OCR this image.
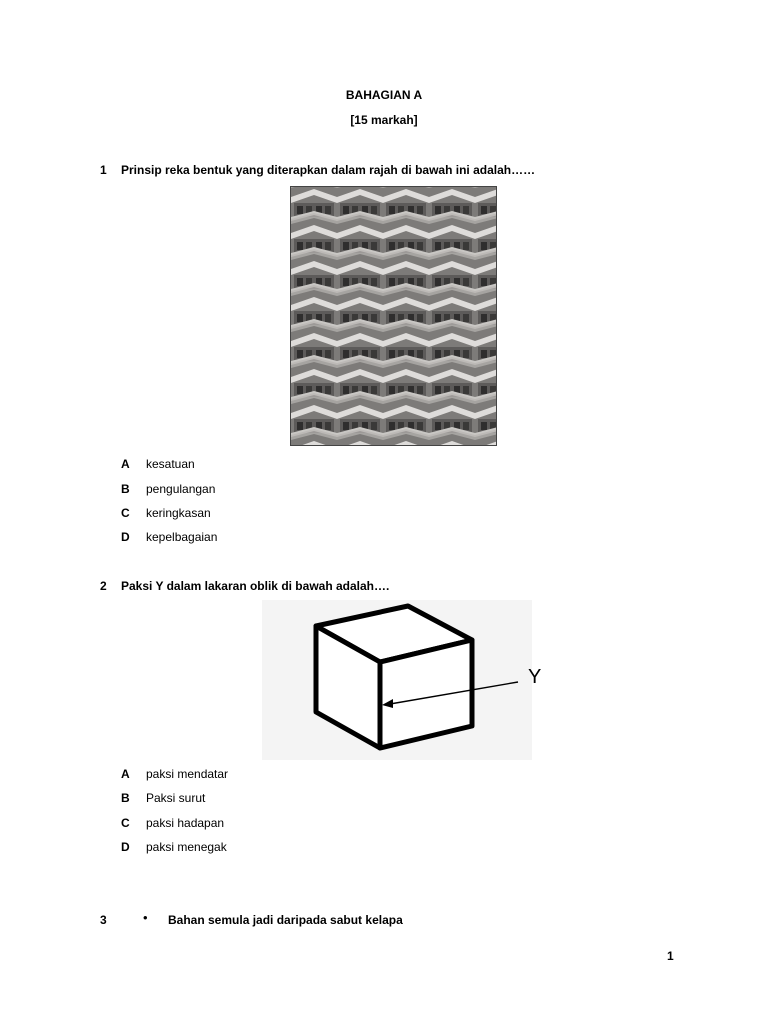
BAHAGIAN A
[15 markah]
1 Prinsip reka bentuk yang diterapkan dalam rajah di bawah ini adalah……
A kesatuan
B pengulangan
C keringkasan
D kepelbagaian
2 Paksi Y dalam lakaran oblik di bawah adalah….
Y
A paksi mendatar
B Paksi surut
C paksi hadapan
D paksi menegak
3	• Bahan semula jadi daripada sabut kelapa
1
